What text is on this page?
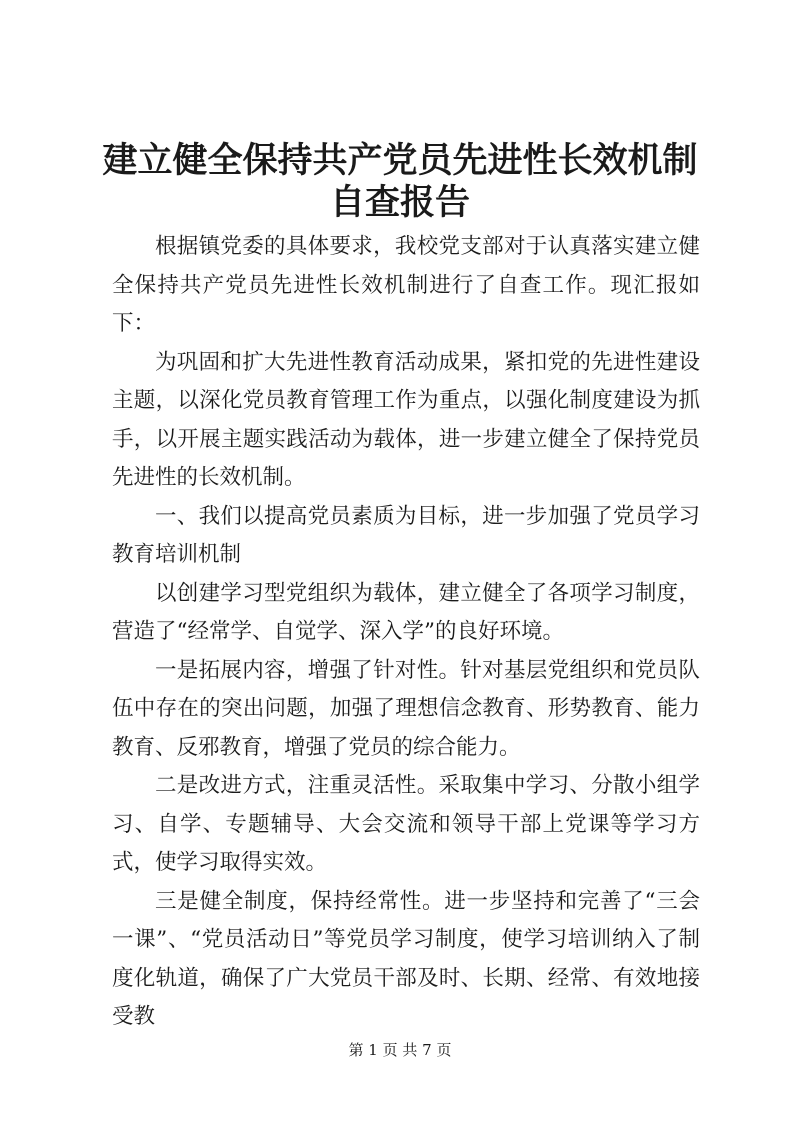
建立健全保持共产党员先进性长效机制自查报告

根据镇党委的具体要求，我校党支部对于认真落实建立健全保持共产党员先进性长效机制进行了自查工作。现汇报如下：

为巩固和扩大先进性教育活动成果，紧扣党的先进性建设主题，以深化党员教育管理工作为重点，以强化制度建设为抓手，以开展主题实践活动为载体，进一步建立健全了保持党员先进性的长效机制。

一、我们以提高党员素质为目标，进一步加强了党员学习教育培训机制

以创建学习型党组织为载体，建立健全了各项学习制度，营造了“经常学、自觉学、深入学”的良好环境。

一是拓展内容，增强了针对性。针对基层党组织和党员队伍中存在的突出问题，加强了理想信念教育、形势教育、能力教育、反邪教育，增强了党员的综合能力。

二是改进方式，注重灵活性。采取集中学习、分散小组学习、自学、专题辅导、大会交流和领导干部上党课等学习方式，使学习取得实效。

三是健全制度，保持经常性。进一步坚持和完善了“三会一课”、“党员活动日”等党员学习制度，使学习培训纳入了制度化轨道，确保了广大党员干部及时、长期、经常、有效地接受教

第 1 页 共 7 页
